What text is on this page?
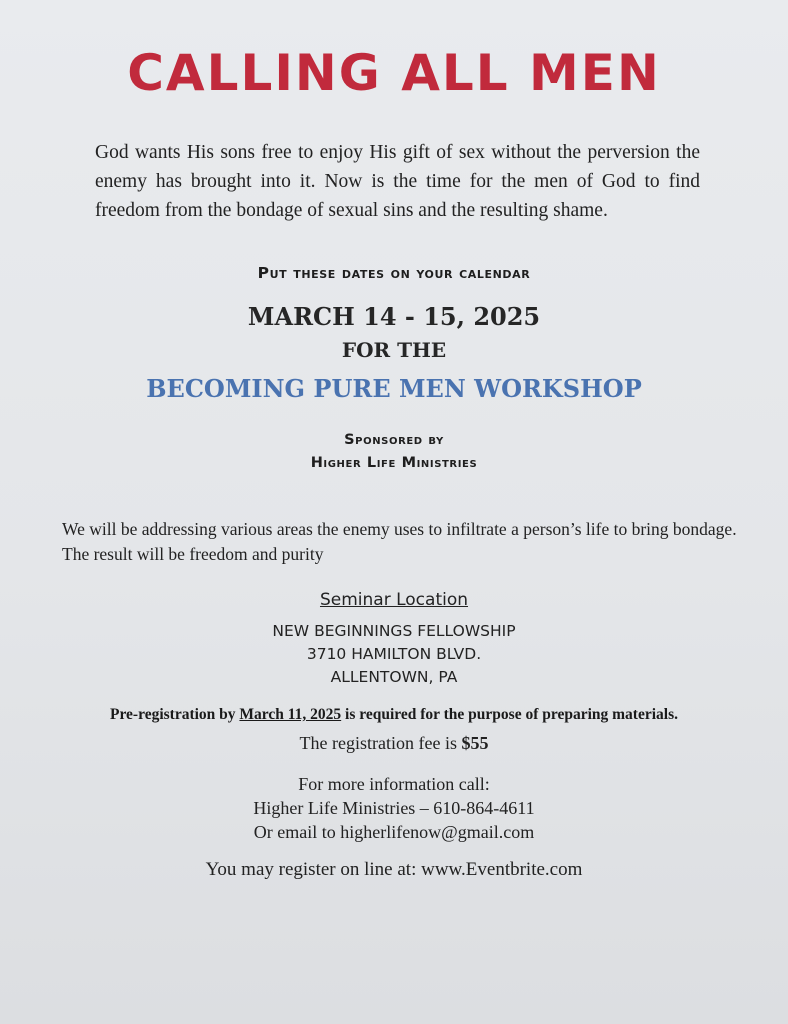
CALLING ALL MEN
God wants His sons free to enjoy His gift of sex without the perversion the enemy has brought into it. Now is the time for the men of God to find freedom from the bondage of sexual sins and the resulting shame.
Put these dates on your calendar
MARCH 14 - 15, 2025
FOR THE
BECOMING PURE MEN WORKSHOP
Sponsored by
Higher Life Ministries
We will be addressing various areas the enemy uses to infiltrate a person’s life to bring bondage. The result will be freedom and purity
Seminar Location
NEW BEGINNINGS FELLOWSHIP
3710 HAMILTON BLVD.
ALLENTOWN, PA
Pre-registration by March 11, 2025 is required for the purpose of preparing materials.
The registration fee is $55
For more information call:
Higher Life Ministries – 610-864-4611
Or email to higherlifenow@gmail.com
You may register on line at: www.Eventbrite.com
